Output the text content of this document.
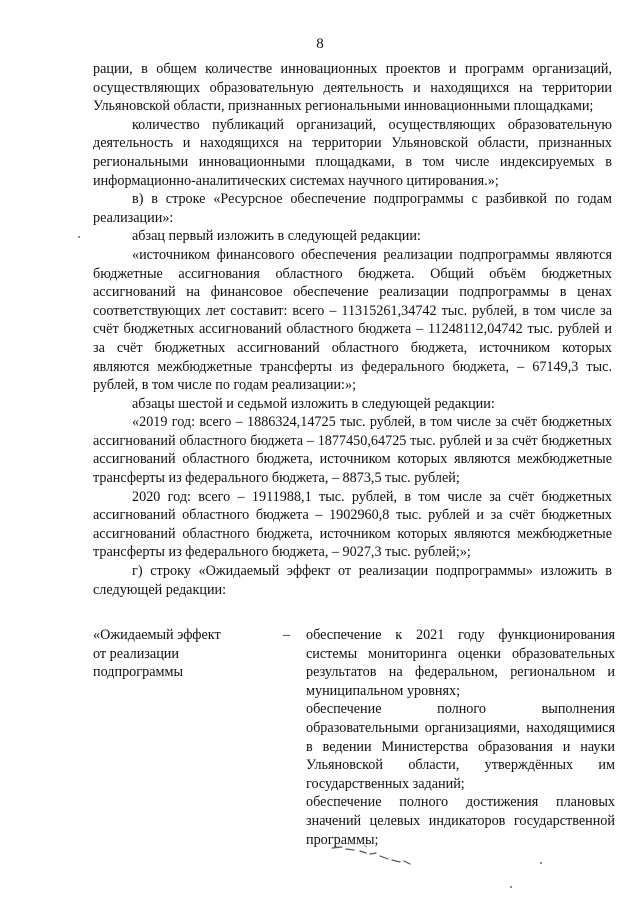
8

рации, в общем количестве инновационных проектов и программ организаций, осуществляющих образовательную деятельность и находящихся на территории Ульяновской области, признанных региональными инновационными площадками;

количество публикаций организаций, осуществляющих образовательную деятельность и находящихся на территории Ульяновской области, признанных региональными инновационными площадками, в том числе индексируемых в информационно-аналитических системах научного цитирования.»;

в) в строке «Ресурсное обеспечение подпрограммы с разбивкой по годам реализации»:

абзац первый изложить в следующей редакции:

«источником финансового обеспечения реализации подпрограммы являются бюджетные ассигнования областного бюджета. Общий объём бюджетных ассигнований на финансовое обеспечение реализации подпрограммы в ценах соответствующих лет составит: всего – 11315261,34742 тыс. рублей, в том числе за счёт бюджетных ассигнований областного бюджета – 11248112,04742 тыс. рублей и за счёт бюджетных ассигнований областного бюджета, источником которых являются межбюджетные трансферты из федерального бюджета, – 67149,3 тыс. рублей, в том числе по годам реализации:»;

абзацы шестой и седьмой изложить в следующей редакции:

«2019 год: всего – 1886324,14725 тыс. рублей, в том числе за счёт бюджетных ассигнований областного бюджета – 1877450,64725 тыс. рублей и за счёт бюджетных ассигнований областного бюджета, источником которых являются межбюджетные трансферты из федерального бюджета, – 8873,5 тыс. рублей;

2020 год: всего – 1911988,1 тыс. рублей, в том числе за счёт бюджетных ассигнований областного бюджета – 1902960,8 тыс. рублей и за счёт бюджетных ассигнований областного бюджета, источником которых являются межбюджетные трансферты из федерального бюджета, – 9027,3 тыс. рублей;»;

г) строку «Ожидаемый эффект от реализации подпрограммы» изложить в следующей редакции:

«Ожидаемый эффект
от реализации
подпрограммы
– обеспечение к 2021 году функционирования системы мониторинга оценки образовательных результатов на федеральном, региональном и муниципальном уровнях;

обеспечение полного выполнения образовательными организациями, находящимися в ведении Министерства образования и науки Ульяновской области, утверждённых им государственных заданий;

обеспечение полного достижения плановых значений целевых индикаторов государственной программы;
